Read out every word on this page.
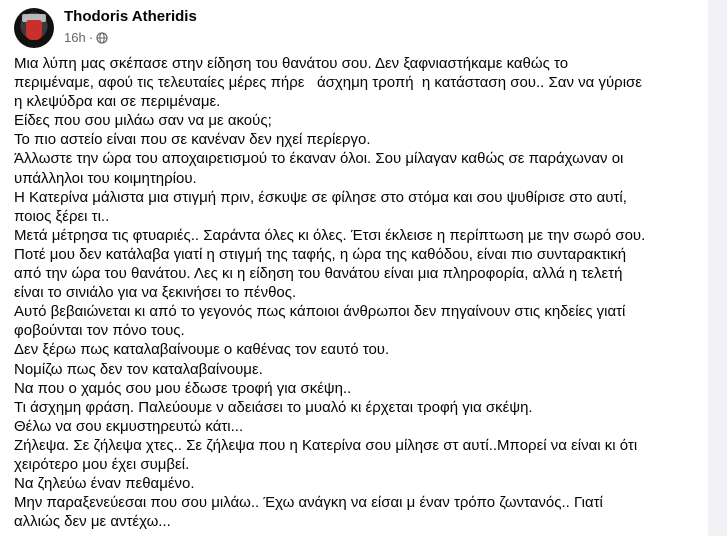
Thodoris Atheridis
16h ·
Μια λύπη μας σκέπασε στην είδηση του θανάτου σου. Δεν ξαφνιαστήκαμε καθώς το
περιμέναμε, αφού τις τελευταίες μέρες πήρε   άσχημη τροπή  η κατάσταση σου.. Σαν να γύρισε
η κλεψύδρα και σε περιμέναμε.
Είδες που σου μιλάω σαν να με ακούς;
Το πιο αστείο είναι που σε κανέναν δεν ηχεί περίεργο.
Άλλωστε την ώρα του αποχαιρετισμού το έκαναν όλοι. Σου μίλαγαν καθώς σε παράχωναν οι
υπάλληλοι του κοιμητηρίου.
Η Κατερίνα μάλιστα μια στιγμή πριν, έσκυψε σε φίλησε στο στόμα και σου ψυθίρισε στο αυτί,
ποιος ξέρει τι..
Μετά μέτρησα τις φτυαριές.. Σαράντα όλες κι όλες. Έτσι έκλεισε η περίπτωση με την σωρό σου.
Ποτέ μου δεν κατάλαβα γιατί η στιγμή της ταφής, η ώρα της καθόδου, είναι πιο συνταρακτική
από την ώρα του θανάτου. Λες κι η είδηση του θανάτου είναι μια πληροφορία, αλλά η τελετή
είναι το σινιάλο για να ξεκινήσει το πένθος.
Αυτό βεβαιώνεται κι από το γεγονός πως κάποιοι άνθρωποι δεν πηγαίνουν στις κηδείες γιατί
φοβούνται τον πόνο τους.
Δεν ξέρω πως καταλαβαίνουμε ο καθένας τον εαυτό του.
Νομίζω πως δεν τον καταλαβαίνουμε.
Να που ο χαμός σου μου έδωσε τροφή για σκέψη..
Τι άσχημη φράση. Παλεύουμε ν αδειάσει το μυαλό κι έρχεται τροφή για σκέψη.
Θέλω να σου εκμυστηρευτώ κάτι...
Ζήλεψα. Σε ζήλεψα χτες.. Σε ζήλεψα που η Κατερίνα σου μίλησε στ αυτί..Μπορεί να είναι κι ότι
χειρότερο μου έχει συμβεί.
Να ζηλεύω έναν πεθαμένο.
Μην παραξενεύεσαι που σου μιλάω.. Έχω ανάγκη να είσαι μ έναν τρόπο ζωντανός.. Γιατί
αλλιώς δεν με αντέχω...
